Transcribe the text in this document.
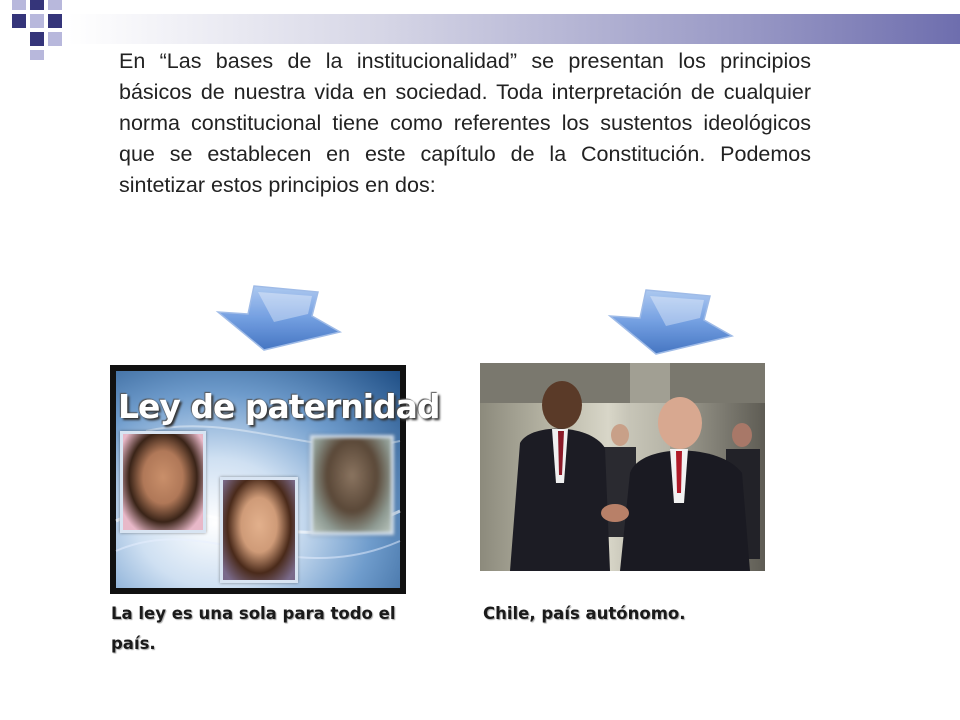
En “Las bases de la institucionalidad” se presentan los principios básicos de nuestra vida en sociedad. Toda interpretación de cualquier norma constitucional tiene como referentes los sustentos ideológicos que se establecen en este capítulo de la Constitución. Podemos sintetizar estos principios en dos:

Ley de paternidad
La ley es una sola para todo el país.
Chile, país autónomo.
